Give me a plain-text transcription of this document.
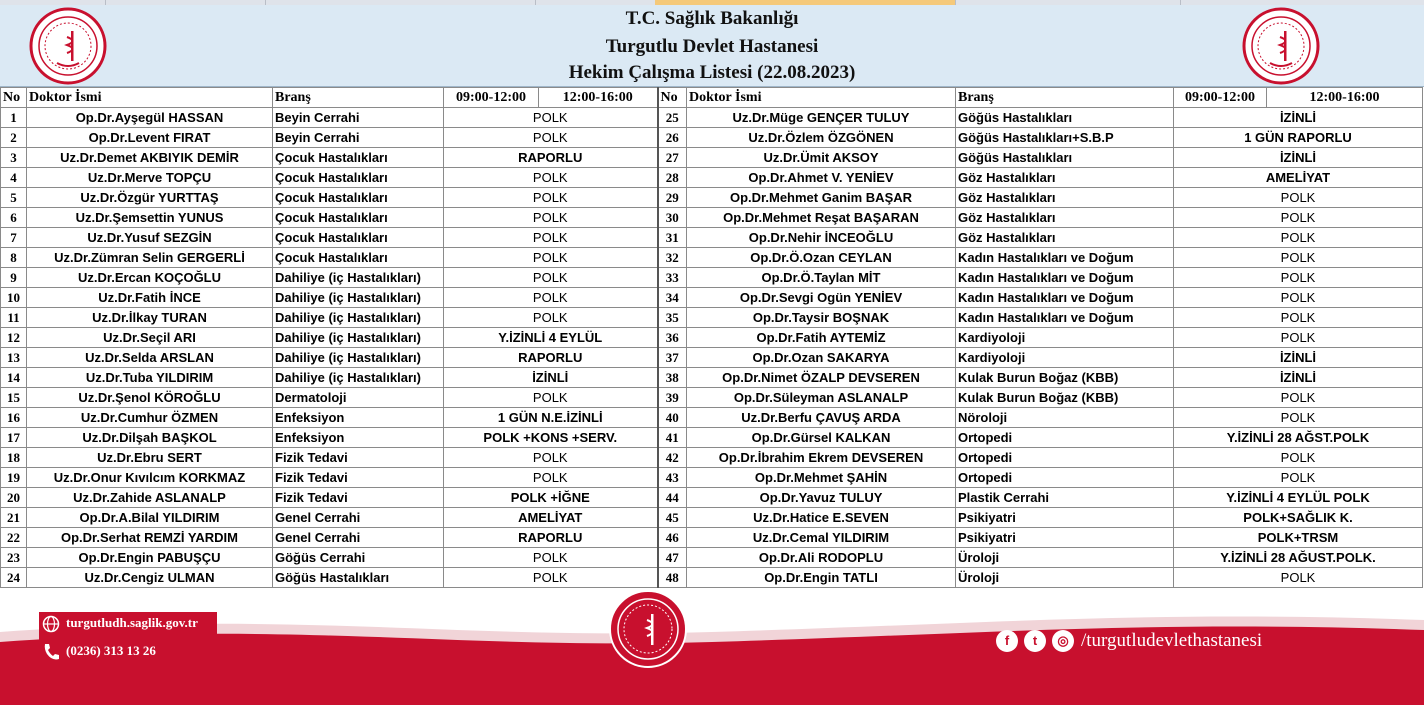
T.C. Sağlık Bakanlığı
Turgutlu Devlet Hastanesi
Hekim Çalışma Listesi (22.08.2023)
No	Doktor İsmi	Branş	09:00-12:00	12:00-16:00	No	Doktor İsmi	Branş	09:00-12:00	12:00-16:00
1	Op.Dr.Ayşegül HASSAN	Beyin Cerrahi	POLK		25	Uz.Dr.Müge GENÇER TULUY	Göğüs Hastalıkları	İZİNLİ	
2	Op.Dr.Levent FIRAT	Beyin Cerrahi	POLK		26	Uz.Dr.Özlem ÖZGÖNEN	Göğüs Hastalıkları+S.B.P	1 GÜN RAPORLU	
3	Uz.Dr.Demet AKBIYIK DEMİR	Çocuk Hastalıkları	RAPORLU		27	Uz.Dr.Ümit AKSOY	Göğüs Hastalıkları	İZİNLİ	
4	Uz.Dr.Merve TOPÇU	Çocuk Hastalıkları	POLK		28	Op.Dr.Ahmet V. YENİEV	Göz Hastalıkları	AMELİYAT	
5	Uz.Dr.Özgür YURTTAŞ	Çocuk Hastalıkları	POLK		29	Op.Dr.Mehmet Ganim BAŞAR	Göz Hastalıkları	POLK	
6	Uz.Dr.Şemsettin YUNUS	Çocuk Hastalıkları	POLK		30	Op.Dr.Mehmet Reşat BAŞARAN	Göz Hastalıkları	POLK	
7	Uz.Dr.Yusuf SEZGİN	Çocuk Hastalıkları	POLK		31	Op.Dr.Nehir İNCEOĞLU	Göz Hastalıkları	POLK	
8	Uz.Dr.Zümran Selin GERGERLİ	Çocuk Hastalıkları	POLK		32	Op.Dr.Ö.Ozan CEYLAN	Kadın Hastalıkları ve Doğum	POLK	
9	Uz.Dr.Ercan KOÇOĞLU	Dahiliye (iç Hastalıkları)	POLK		33	Op.Dr.Ö.Taylan MİT	Kadın Hastalıkları ve Doğum	POLK	
10	Uz.Dr.Fatih İNCE	Dahiliye (iç Hastalıkları)	POLK		34	Op.Dr.Sevgi Ogün YENİEV	Kadın Hastalıkları ve Doğum	POLK	
11	Uz.Dr.İlkay TURAN	Dahiliye (iç Hastalıkları)	POLK		35	Op.Dr.Taysir BOŞNAK	Kadın Hastalıkları ve Doğum	POLK	
12	Uz.Dr.Seçil ARI	Dahiliye (iç Hastalıkları)	Y.İZİNLİ 4 EYLÜL		36	Op.Dr.Fatih AYTEMİZ	Kardiyoloji	POLK	
13	Uz.Dr.Selda ARSLAN	Dahiliye (iç Hastalıkları)	RAPORLU		37	Op.Dr.Ozan SAKARYA	Kardiyoloji	İZİNLİ	
14	Uz.Dr.Tuba YILDIRIM	Dahiliye (iç Hastalıkları)	İZİNLİ		38	Op.Dr.Nimet ÖZALP DEVSEREN	Kulak Burun Boğaz (KBB)	İZİNLİ	
15	Uz.Dr.Şenol KÖROĞLU	Dermatoloji	POLK		39	Op.Dr.Süleyman ASLANALP	Kulak Burun Boğaz (KBB)	POLK	
16	Uz.Dr.Cumhur ÖZMEN	Enfeksiyon	1 GÜN N.E.İZİNLİ		40	Uz.Dr.Berfu ÇAVUŞ ARDA	Nöroloji	POLK	
17	Uz.Dr.Dilşah BAŞKOL	Enfeksiyon	POLK +KONS +SERV.		41	Op.Dr.Gürsel KALKAN	Ortopedi	Y.İZİNLİ 28 AĞST.POLK	
18	Uz.Dr.Ebru SERT	Fizik Tedavi	POLK		42	Op.Dr.İbrahim Ekrem DEVSEREN	Ortopedi	POLK	
19	Uz.Dr.Onur Kıvılcım KORKMAZ	Fizik Tedavi	POLK		43	Op.Dr.Mehmet ŞAHİN	Ortopedi	POLK	
20	Uz.Dr.Zahide ASLANALP	Fizik Tedavi	POLK +İĞNE		44	Op.Dr.Yavuz TULUY	Plastik Cerrahi	Y.İZİNLİ 4 EYLÜL POLK	
21	Op.Dr.A.Bilal YILDIRIM	Genel Cerrahi	AMELİYAT		45	Uz.Dr.Hatice E.SEVEN	Psikiyatri	POLK+SAĞLIK K.	
22	Op.Dr.Serhat REMZİ YARDIM	Genel Cerrahi	RAPORLU		46	Uz.Dr.Cemal YILDIRIM	Psikiyatri	POLK+TRSM	
23	Op.Dr.Engin PABUŞÇU	Göğüs Cerrahi	POLK		47	Op.Dr.Ali RODOPLU	Üroloji	Y.İZİNLİ 28 AĞUST.POLK.	
24	Uz.Dr.Cengiz ULMAN	Göğüs Hastalıkları	POLK		48	Op.Dr.Engin TATLI	Üroloji	POLK	
turgutludh.saglik.gov.tr
(0236) 313 13 26
f	t	◎ /turgutludevlethastanesi
